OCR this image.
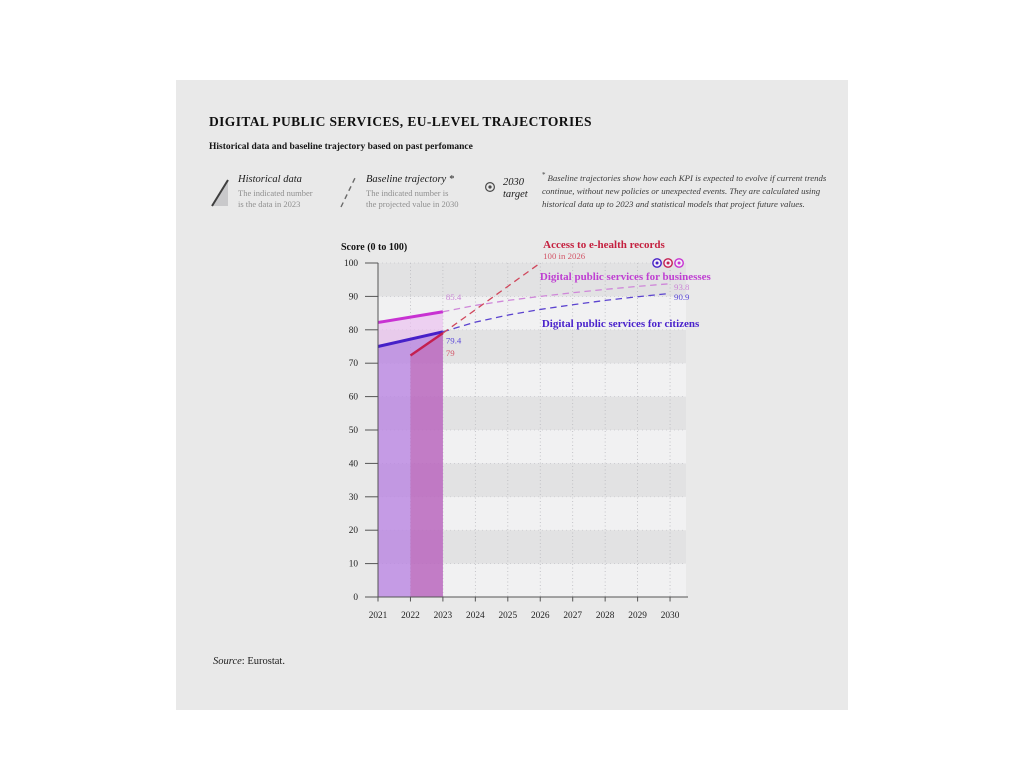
DIGITAL PUBLIC SERVICES, EU-LEVEL TRAJECTORIES
Historical data and baseline trajectory based on past perfomance
Historical data
The indicated number
is the data in 2023
Baseline trajectory *
The indicated number is
the projected value in 2030
2030
target
* Baseline trajectories show how each KPI is expected to evolve if current trends continue, without new policies or unexpected events. They are calculated using historical data up to 2023 and statistical models that project future values.
85.4
93.8
Digital public services for businesses
79.4
90.9
Digital public services for citizens
79
Access to e-health records
100 in 2026
0
10
20
30
40
50
60
70
80
90
100
2021 2022 2023 2024 2025 2026 2027 2028 2029 2030
Score (0 to 100)
Source: Eurostat.
